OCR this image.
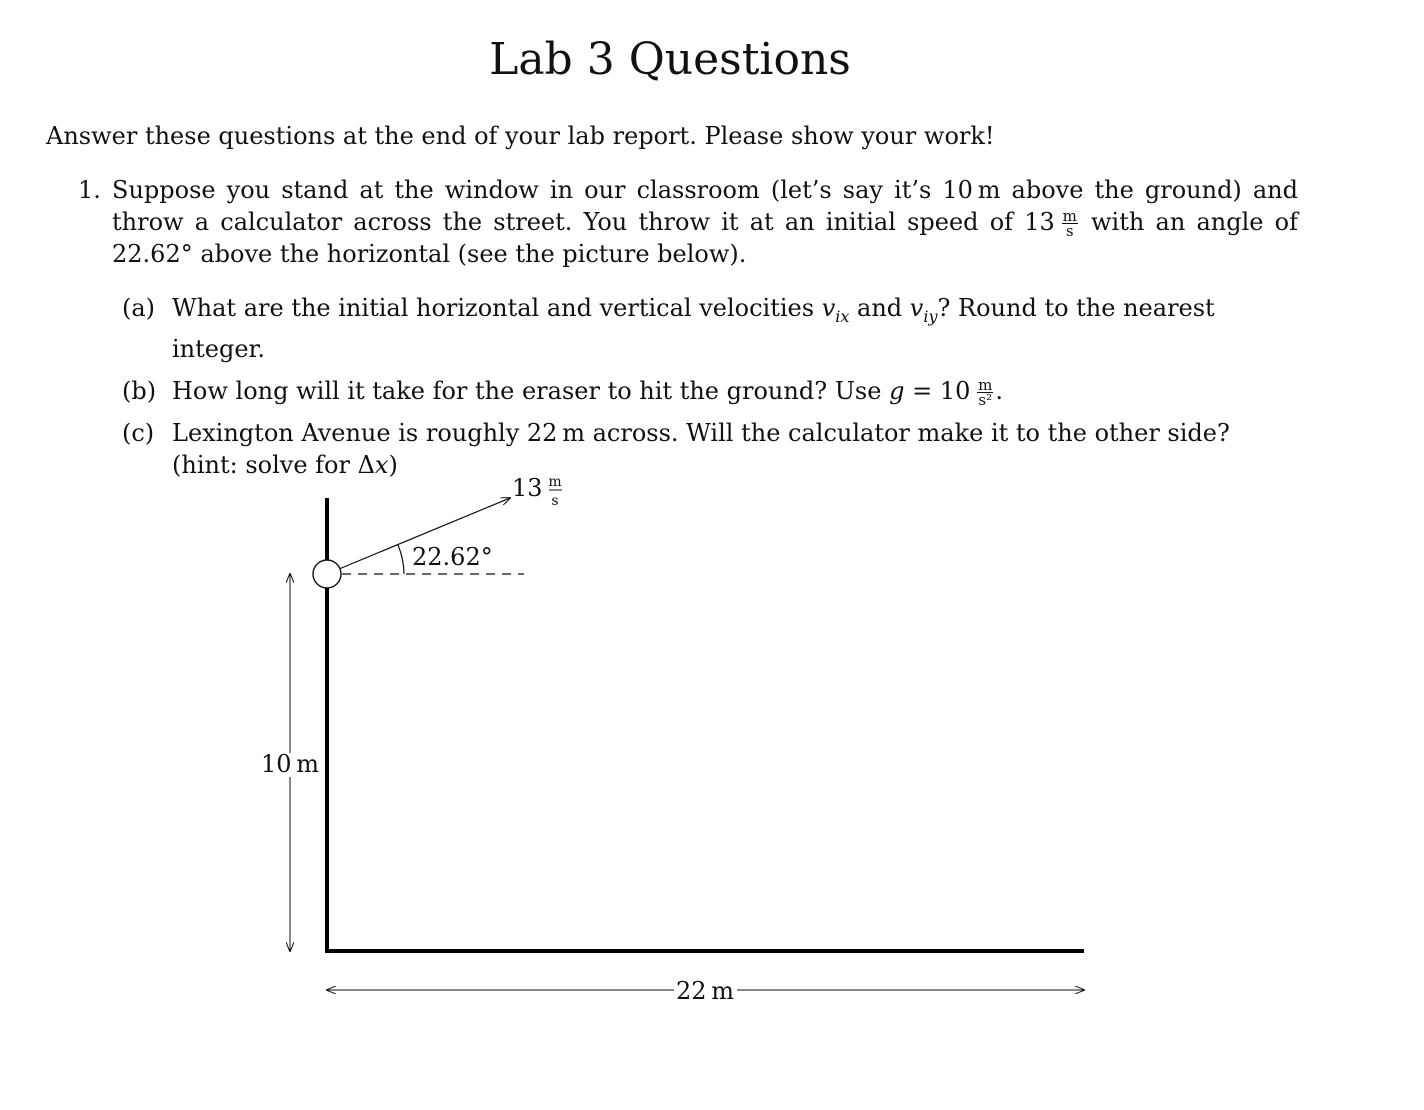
Lab 3 Questions
Answer these questions at the end of your lab report. Please show your work!
1. Suppose you stand at the window in our classroom (let’s say it’s 10 m above the ground) and throw a calculator across the street. You throw it at an initial speed of $13 \frac{m}{s}$ with an angle of 22.62° above the horizontal (see the picture below).
(a) What are the initial horizontal and vertical velocities $v_{ix}$ and $v_{iy}$? Round to the nearest integer.
(b) How long will it take for the eraser to hit the ground? Use $g = 10 \frac{m}{\text{s²}}$ .
(c) Lexington Avenue is roughly 22 m across. Will the calculator make it to the other side?
(hint: solve for Δx)
22.62°
13 m
s
10 m
22 m
